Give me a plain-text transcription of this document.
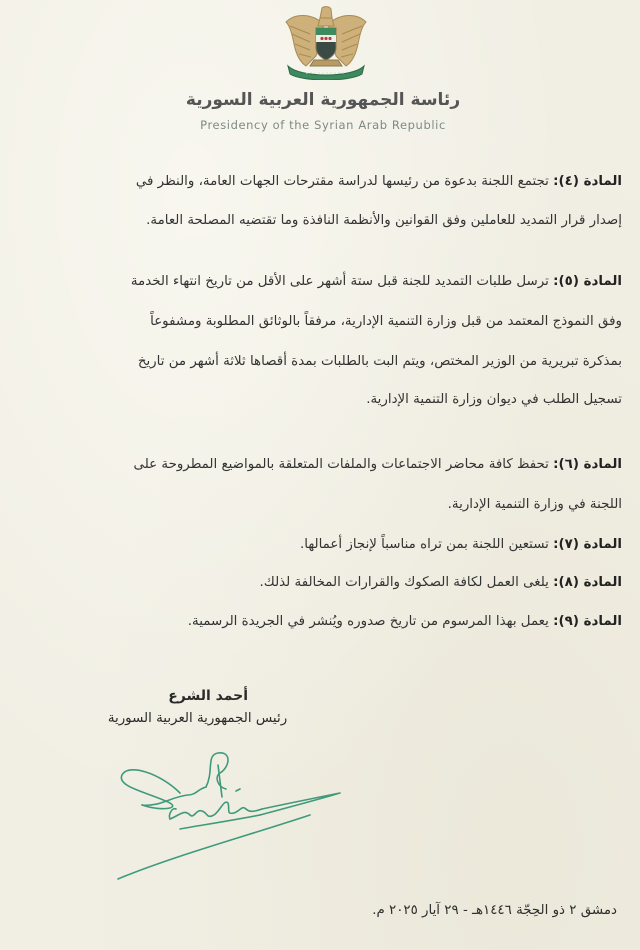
رئاسة الجمهورية العربية السورية
Presidency of the Syrian Arab Republic
المادة (٤): تجتمع اللجنة بدعوة من رئيسها لدراسة مقترحات الجهات العامة، والنظر في
إصدار قرار التمديد للعاملين وفق القوانين والأنظمة النافذة وما تقتضيه المصلحة العامة.
المادة (٥): ترسل طلبات التمديد للجنة قبل ستة أشهر على الأقل من تاريخ انتهاء الخدمة
وفق النموذج المعتمد من قبل وزارة التنمية الإدارية، مرفقاً بالوثائق المطلوبة ومشفوعاً
بمذكرة تبريرية من الوزير المختص، ويتم البت بالطلبات بمدة أقصاها ثلاثة أشهر من تاريخ
تسجيل الطلب في ديوان وزارة التنمية الإدارية.
المادة (٦): تحفظ كافة محاضر الاجتماعات والملفات المتعلقة بالمواضيع المطروحة على
اللجنة في وزارة التنمية الإدارية.
المادة (٧): تستعين اللجنة بمن تراه مناسباً لإنجاز أعمالها.
المادة (٨): يلغى العمل لكافة الصكوك والقرارات المخالفة لذلك.
المادة (٩): يعمل بهذا المرسوم من تاريخ صدوره ويُنشر في الجريدة الرسمية.
أحمد الشرع
رئيس الجمهورية العربية السورية
دمشق ٢ ذو الحِجّة ١٤٤٦هـ - ٢٩ آيار ٢٠٢٥ م.
